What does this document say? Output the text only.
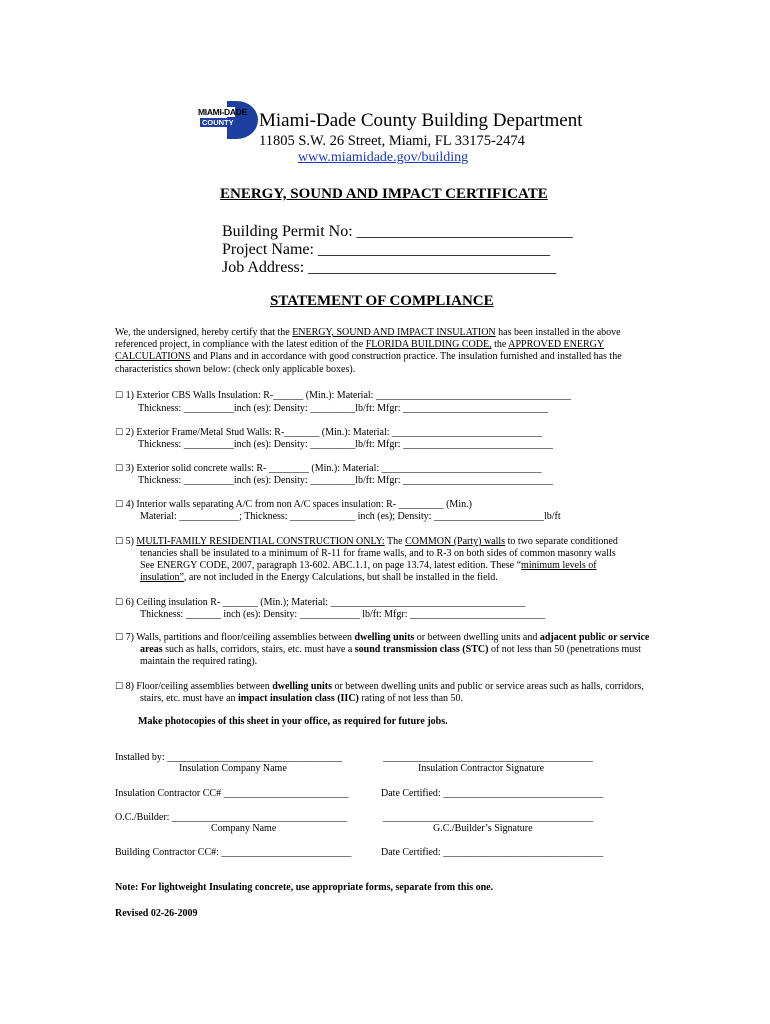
MIAMI-DADE
COUNTY Miami-Dade County Building Department
11805 S.W. 26 Street, Miami, FL 33175-2474
www.miamidade.gov/building
ENERGY, SOUND AND IMPACT CERTIFICATE
Building Permit No: ___________________________
Project Name: _____________________________
Job Address: _______________________________
STATEMENT OF COMPLIANCE
We, the undersigned, hereby certify that the ENERGY, SOUND AND IMPACT INSULATION has been installed in the above referenced project, in compliance with the latest edition of the FLORIDA BUILDING CODE, the APPROVED ENERGY CALCULATIONS and Plans and in accordance with good construction practice. The insulation furnished and installed has the characteristics shown below: (check only applicable boxes).
☐ 1) Exterior CBS Walls Insulation: R-______ (Min.): Material: _______________________________________
Thickness: __________inch (es): Density: _________lb/ft: Mfgr: _____________________________
☐ 2) Exterior Frame/Metal Stud Walls: R-_______ (Min.): Material: ______________________________
Thickness: __________inch (es): Density: _________lb/ft: Mfgr: ______________________________
☐ 3) Exterior solid concrete walls: R- ________ (Min.): Material: ________________________________
Thickness: __________inch (es): Density: _________lb/ft: Mfgr: ______________________________
☐ 4) Interior walls separating A/C from non A/C spaces insulation: R- _________ (Min.)
Material: ____________; Thickness: _____________ inch (es); Density: ______________________lb/ft
☐ 5) MULTI-FAMILY RESIDENTIAL CONSTRUCTION ONLY: The COMMON (Party) walls to two separate conditioned
tenancies shall be insulated to a minimum of R-11 for frame walls, and to R-3 on both sides of common masonry walls
See ENERGY CODE, 2007, paragraph 13-602. ABC.1.1, on page 13.74, latest edition. These “minimum levels of
insulation”, are not included in the Energy Calculations, but shall be installed in the field.
☐ 6) Ceiling insulation R- _______ (Min.); Material: _______________________________________
Thickness: _______ inch (es): Density: ____________ lb/ft: Mfgr: ___________________________
☐ 7) Walls, partitions and floor/ceiling assemblies between dwelling units or between dwelling units and adjacent public or service
areas such as halls, corridors, stairs, etc. must have a sound transmission class (STC) of not less than 50 (penetrations must
maintain the required rating).
☐ 8) Floor/ceiling assemblies between dwelling units or between dwelling units and public or service areas such as halls, corridors,
stairs, etc. must have an impact insulation class (IIC) rating of not less than 50.
Make photocopies of this sheet in your office, as required for future jobs.
Installed by: ___________________________________	__________________________________________
Insulation Company Name	Insulation Contractor Signature
Insulation Contractor CC# _________________________	Date Certified: ________________________________
O.C./Builder: ___________________________________	__________________________________________
Company Name	G.C./Builder’s Signature
Building Contractor CC#: __________________________	Date Certified: ________________________________
Note: For lightweight Insulating concrete, use appropriate forms, separate from this one.
Revised 02-26-2009
